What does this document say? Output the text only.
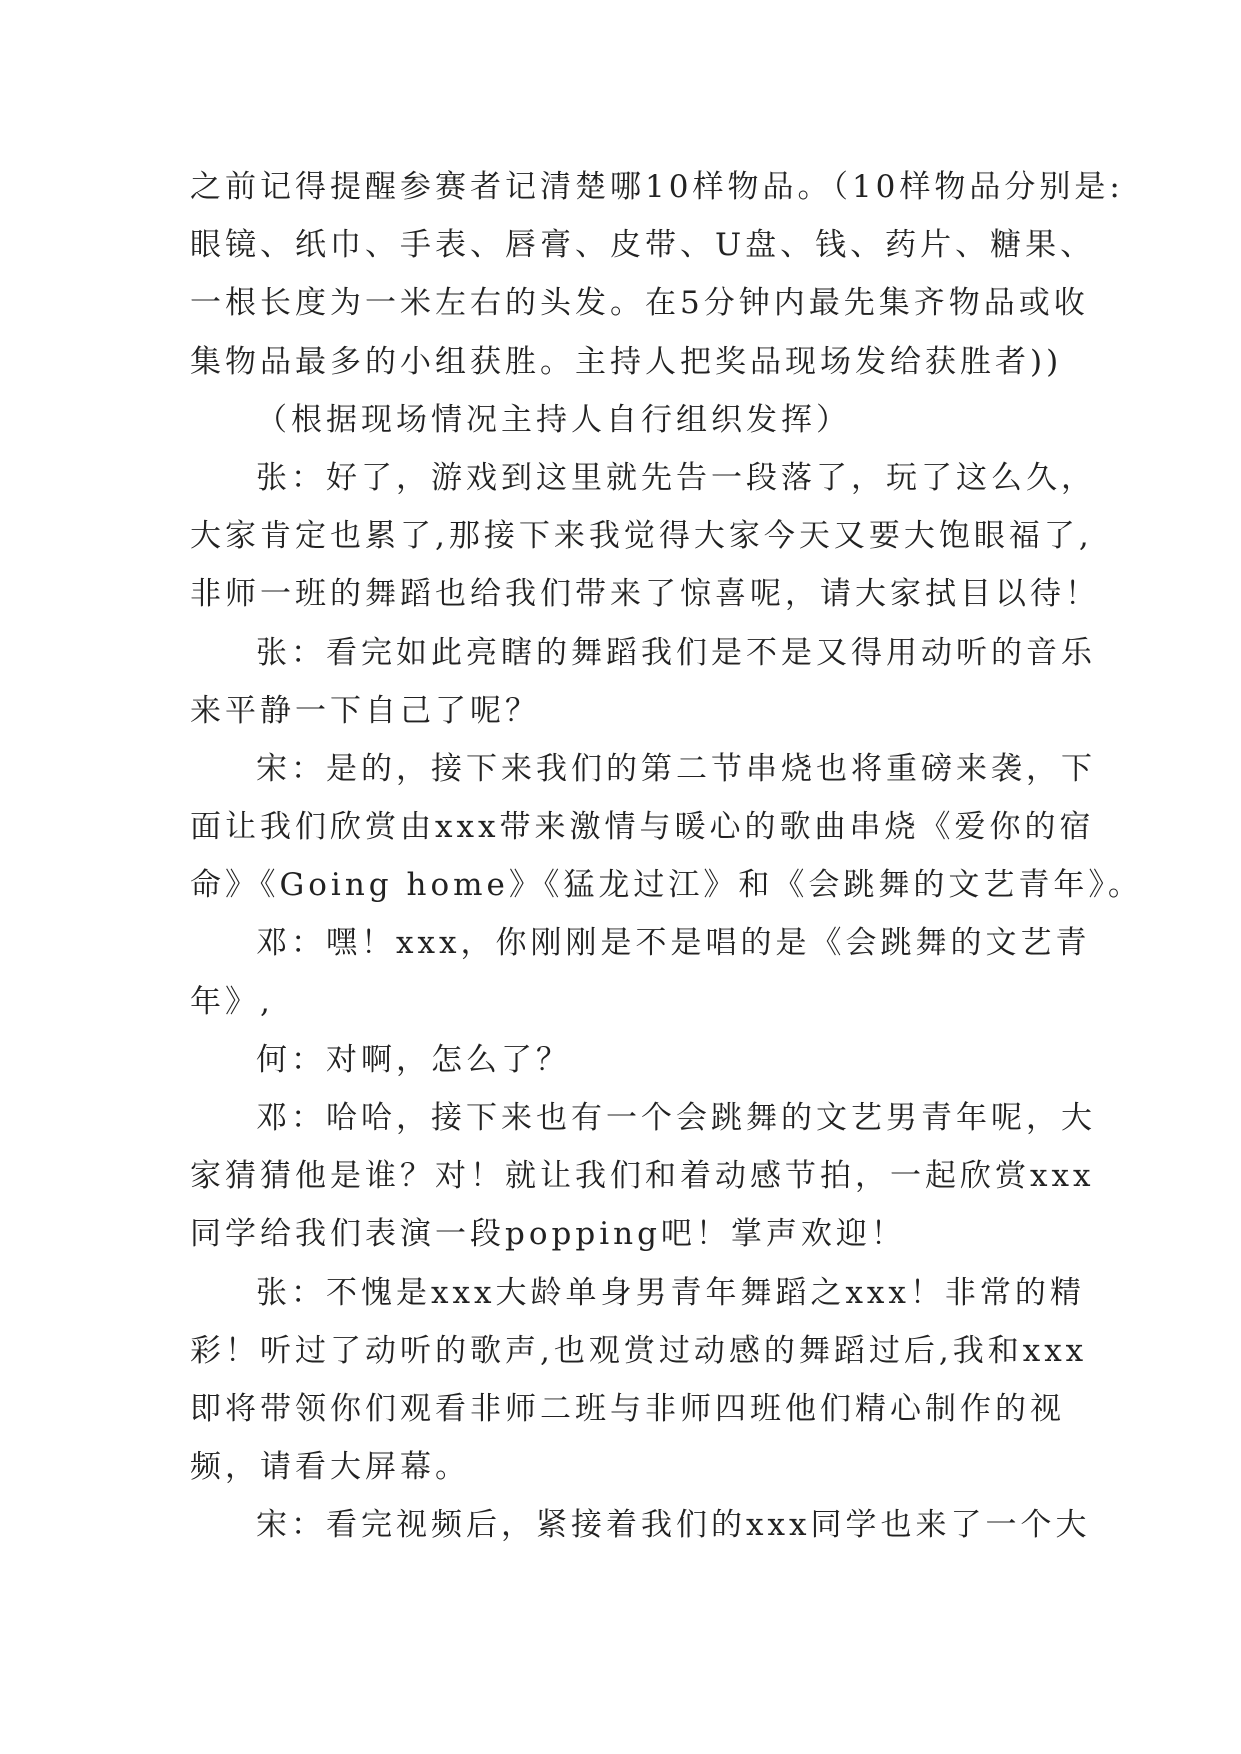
之前记得提醒参赛者记清楚哪10样物品。（10样物品分别是:
眼镜、纸巾、手表、唇膏、皮带、U盘、钱、药片、糖果、
一根长度为一米左右的头发。在5分钟内最先集齐物品或收
集物品最多的小组获胜。主持人把奖品现场发给获胜者))
（根据现场情况主持人自行组织发挥）
张：好了，游戏到这里就先告一段落了，玩了这么久，
大家肯定也累了,那接下来我觉得大家今天又要大饱眼福了,
非师一班的舞蹈也给我们带来了惊喜呢，请大家拭目以待！
张：看完如此亮瞎的舞蹈我们是不是又得用动听的音乐
来平静一下自己了呢？
宋：是的，接下来我们的第二节串烧也将重磅来袭，下
面让我们欣赏由xxx带来激情与暖心的歌曲串烧《爱你的宿
命》《Going home》《猛龙过江》和《会跳舞的文艺青年》。
邓：嘿！xxx，你刚刚是不是唱的是《会跳舞的文艺青
年》,
何：对啊，怎么了？
邓：哈哈，接下来也有一个会跳舞的文艺男青年呢，大
家猜猜他是谁？对！就让我们和着动感节拍，一起欣赏xxx
同学给我们表演一段popping吧！掌声欢迎！
张：不愧是xxx大龄单身男青年舞蹈之xxx！非常的精
彩！听过了动听的歌声,也观赏过动感的舞蹈过后,我和xxx
即将带领你们观看非师二班与非师四班他们精心制作的视
频，请看大屏幕。
宋：看完视频后，紧接着我们的xxx同学也来了一个大
